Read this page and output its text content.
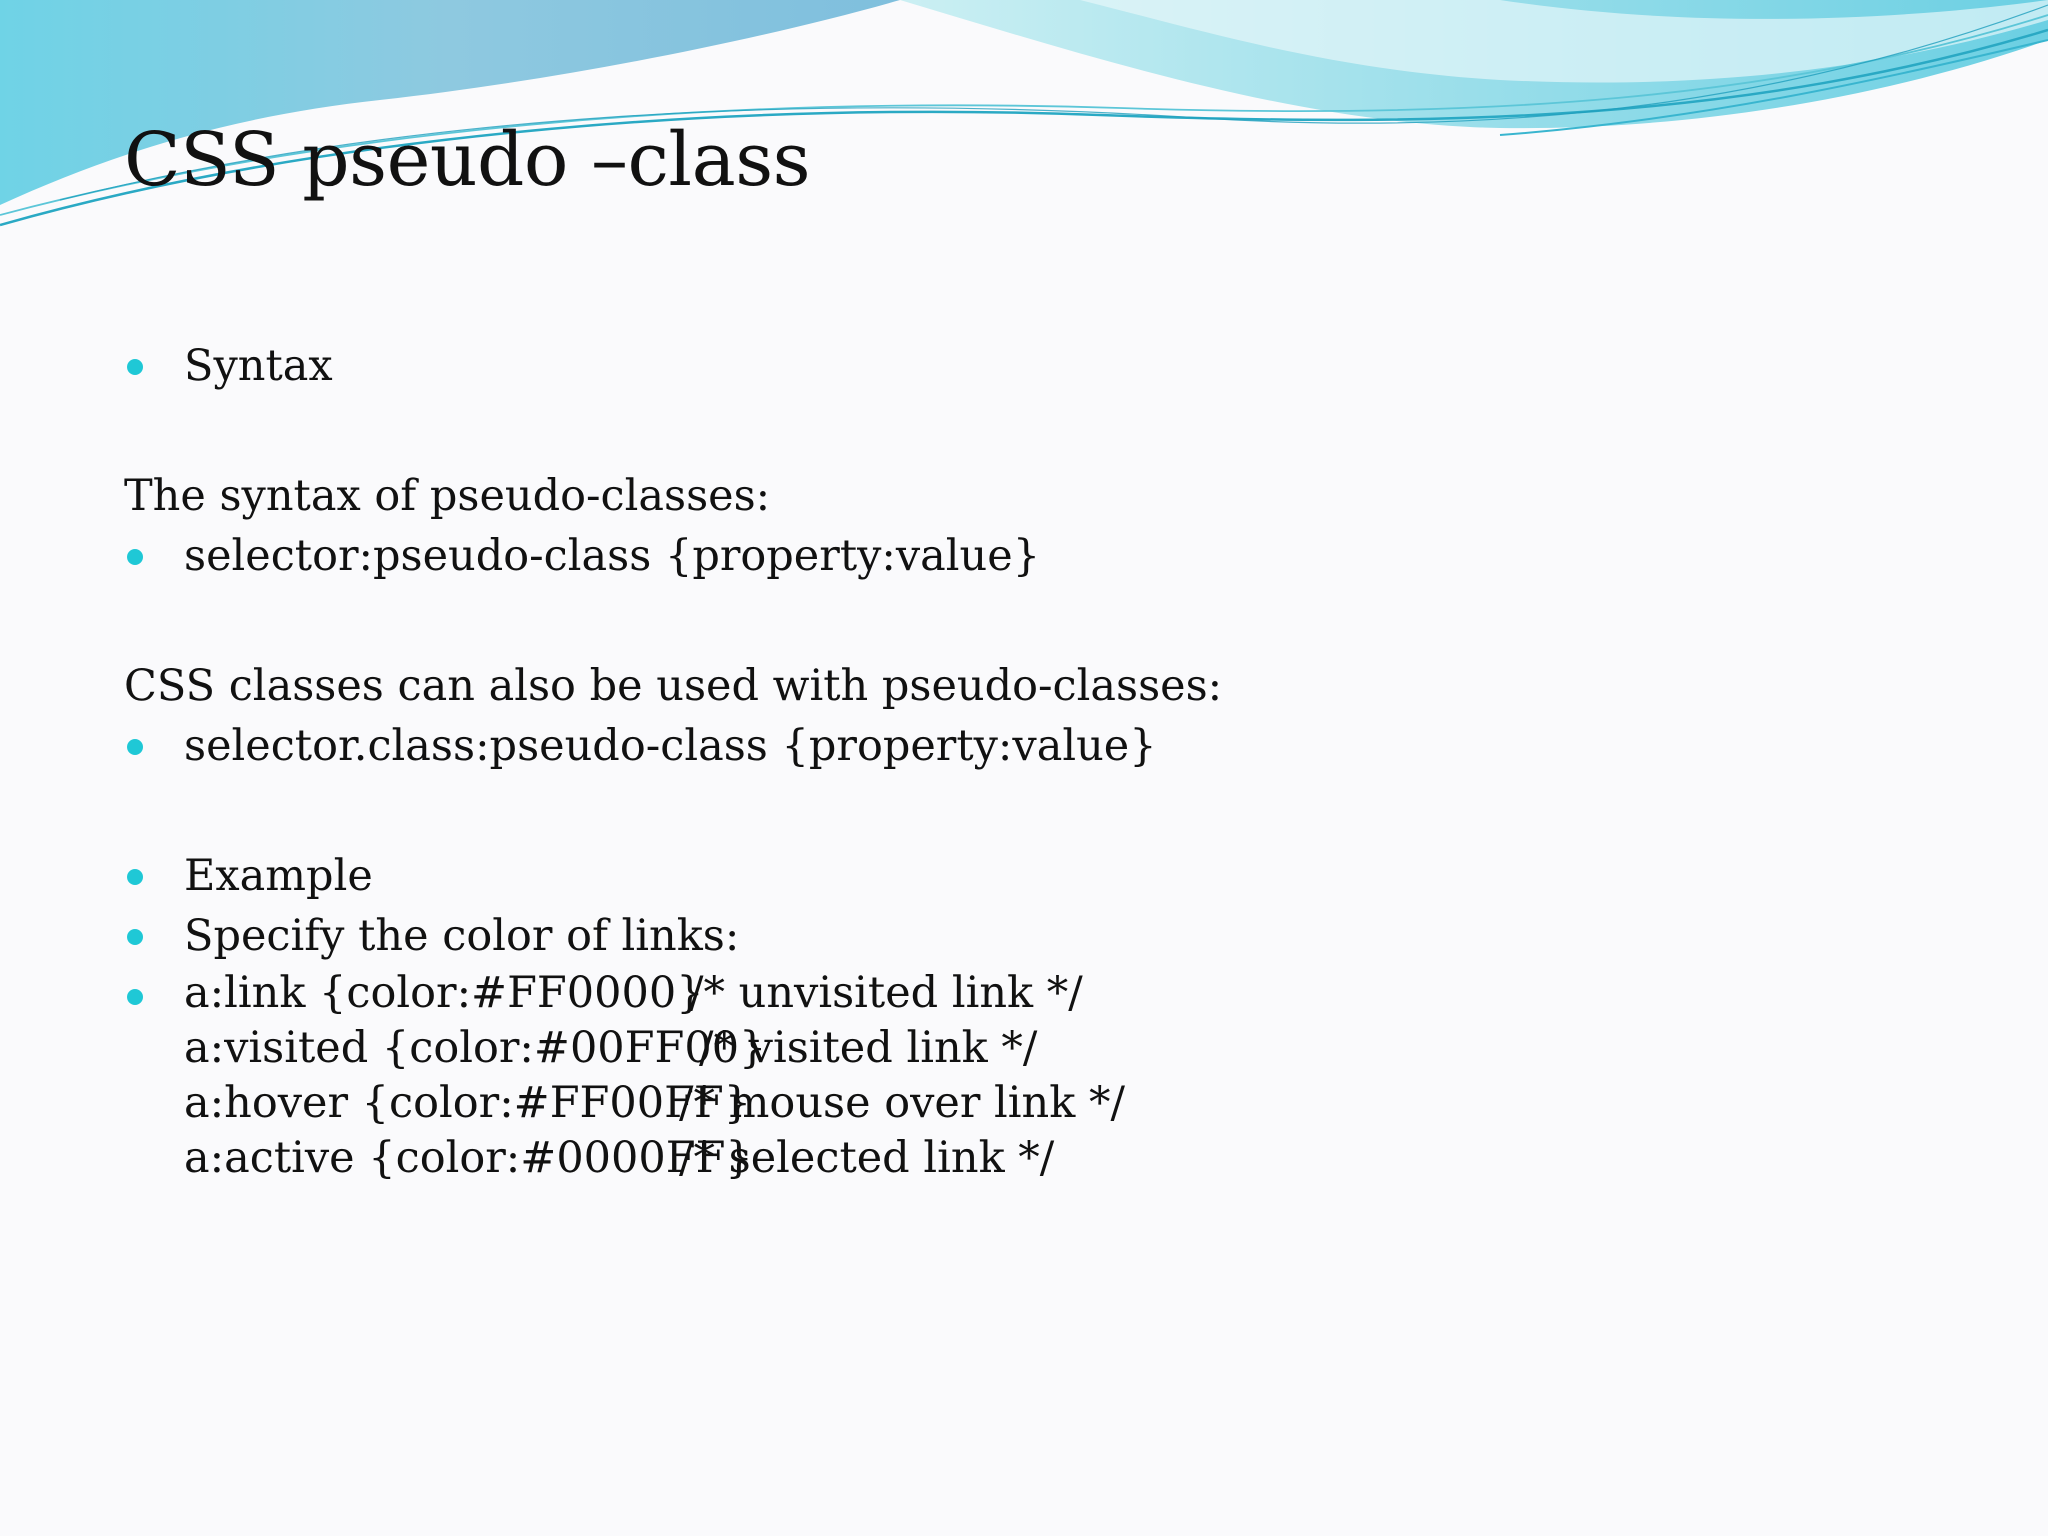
CSS pseudo –class
Syntax
The syntax of pseudo-classes:
selector:pseudo-class {property:value}
CSS classes can also be used with pseudo-classes:
selector.class:pseudo-class {property:value}
Example
Specify the color of links:
a:link {color:#FF0000}/* unvisited link */
a:visited {color:#00FF00}/* visited link */
a:hover {color:#FF00FF}/* mouse over link */
a:active {color:#0000FF}/* selected link */
